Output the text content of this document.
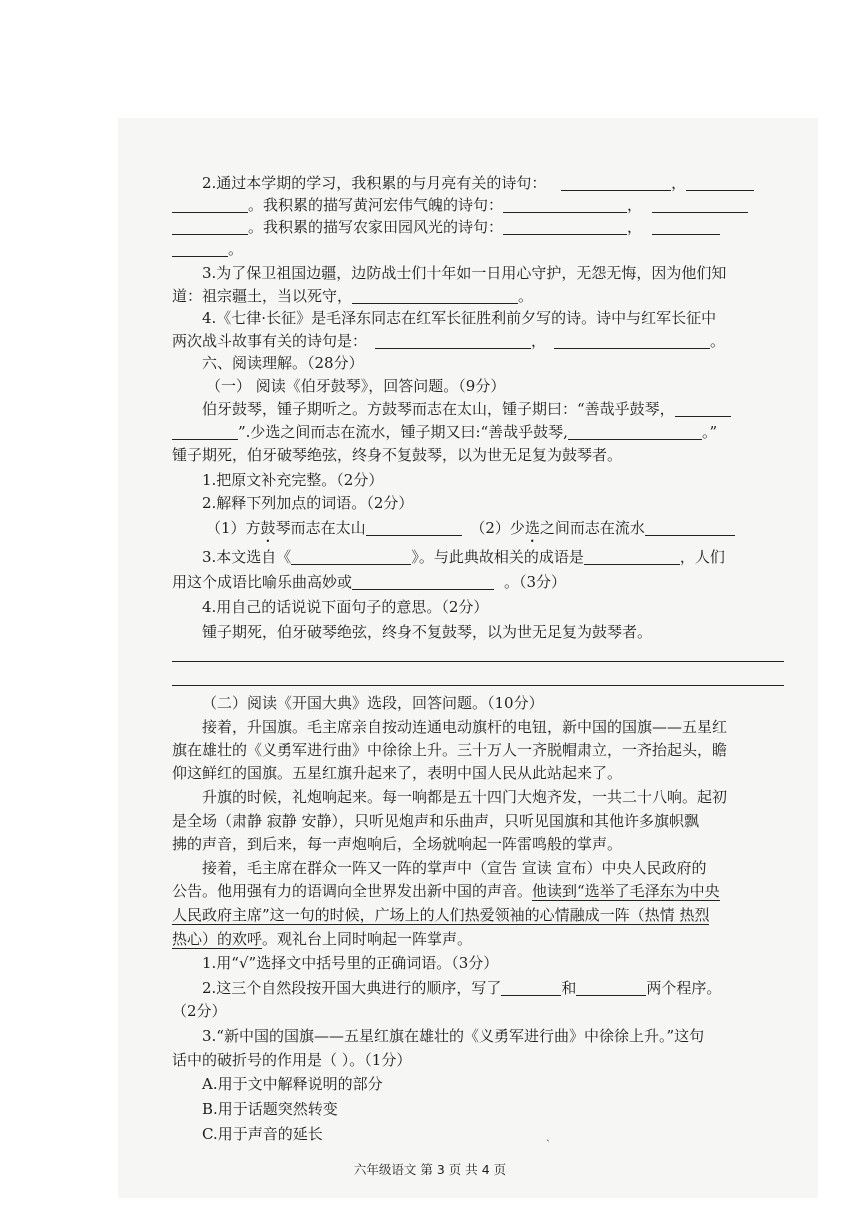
2.通过本学期的学习，我积累的与月亮有关的诗句：	，
。我积累的描写黄河宏伟气魄的诗句：	，
。我积累的描写农家田园风光的诗句：	，
。
3.为了保卫祖国边疆，边防战士们十年如一日用心守护，无怨无悔，因为他们知
道：祖宗疆土，当以死守，	。
4.《七律·长征》是毛泽东同志在红军长征胜利前夕写的诗。诗中与红军长征中
两次战斗故事有关的诗句是：	，	。
六、阅读理解。（28分）
（一） 阅读《伯牙鼓琴》，回答问题。（9分）
伯牙鼓琴，锺子期听之。方鼓琴而志在太山，锺子期曰：“善哉乎鼓琴，
”.少选之间而志在流水，锺子期又曰:“善哉乎鼓琴,	。”
锺子期死，伯牙破琴绝弦，终身不复鼓琴，以为世无足复为鼓琴者。
1.把原文补充完整。（2分）
2.解释下列加点的词语。（2分）
（1）方鼓琴而志在太山	（2）少选之间而志在流水
3.本文选自《	》。与此典故相关的成语是	，人们
用这个成语比喻乐曲高妙或	。（3分）
4.用自己的话说说下面句子的意思。（2分）
锺子期死，伯牙破琴绝弦，终身不复鼓琴，以为世无足复为鼓琴者。
（二）阅读《开国大典》选段，回答问题。（10分）
接着，升国旗。毛主席亲自按动连通电动旗杆的电钮，新中国的国旗——五星红
旗在雄壮的《义勇军进行曲》中徐徐上升。三十万人一齐脱帽肃立，一齐抬起头，瞻
仰这鲜红的国旗。五星红旗升起来了，表明中国人民从此站起来了。
升旗的时候，礼炮响起来。每一响都是五十四门大炮齐发，一共二十八响。起初
是全场（肃静 寂静 安静），只听见炮声和乐曲声，只听见国旗和其他许多旗帜飘
拂的声音，到后来，每一声炮响后，全场就响起一阵雷鸣般的掌声。
接着，毛主席在群众一阵又一阵的掌声中（宣告 宣读 宣布）中央人民政府的
公告。他用强有力的语调向全世界发出新中国的声音。他读到“选举了毛泽东为中央
人民政府主席”这一句的时候，广场上的人们热爱领袖的心情融成一阵（热情 热烈
热心）的欢呼。观礼台上同时响起一阵掌声。
1.用“√”选择文中括号里的正确词语。（3分）
2.这三个自然段按开国大典进行的顺序，写了	和	两个程序。
（2分）
3.“新中国的国旗——五星红旗在雄壮的《义勇军进行曲》中徐徐上升。”这句
话中的破折号的作用是（ ）。（1分）
A.用于文中解释说明的部分
B.用于话题突然转变
C.用于声音的延长	ˏ
六年级语文 第 3 页 共 4 页
